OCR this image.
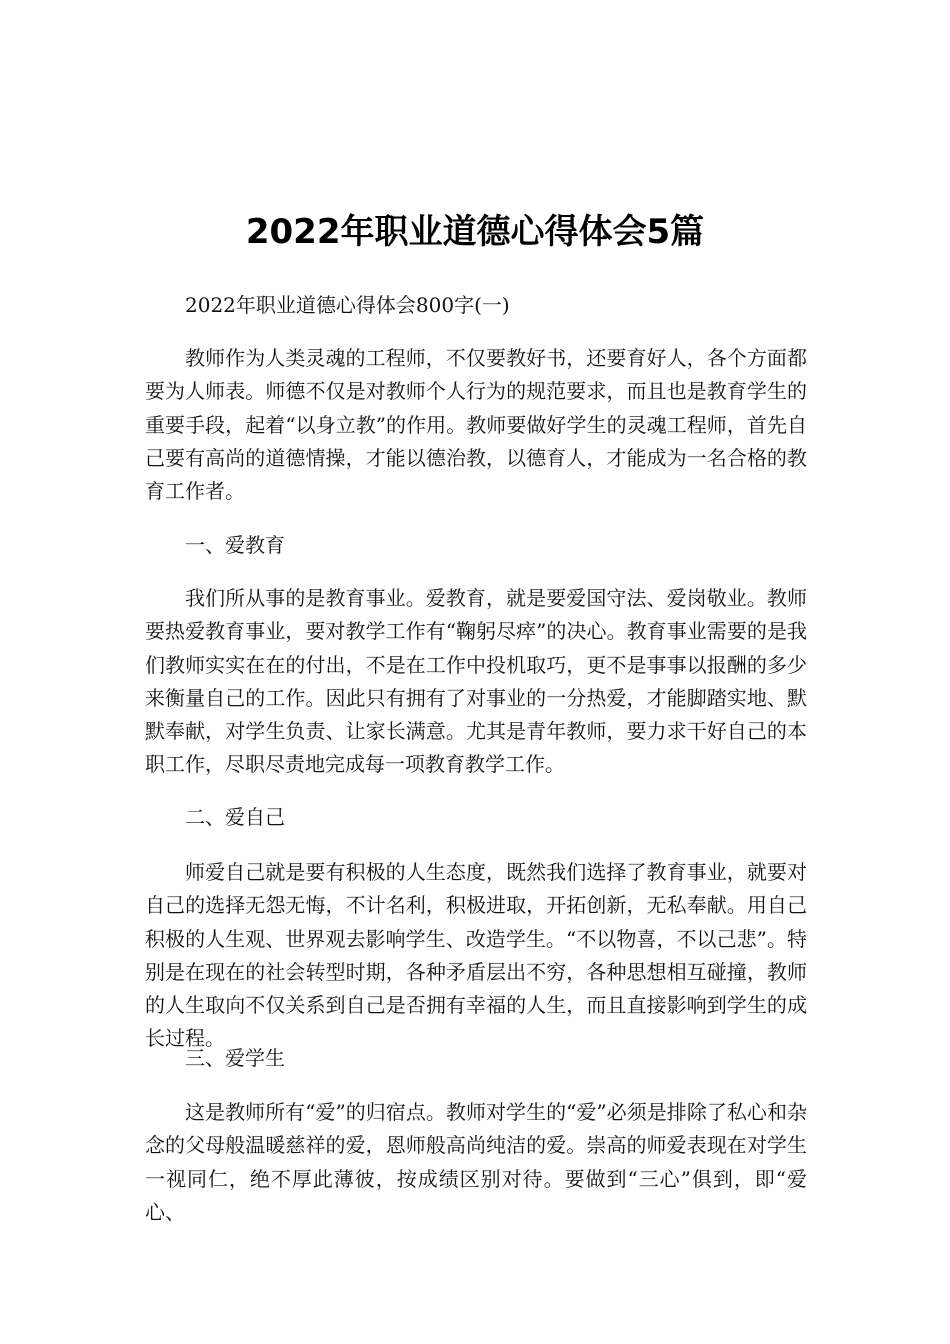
2022年职业道德心得体会5篇

2022年职业道德心得体会800字(一)

教师作为人类灵魂的工程师，不仅要教好书，还要育好人，各个方面都要为人师表。师德不仅是对教师个人行为的规范要求，而且也是教育学生的重要手段，起着“以身立教”的作用。教师要做好学生的灵魂工程师，首先自己要有高尚的道德情操，才能以德治教，以德育人，才能成为一名合格的教育工作者。

一、爱教育

我们所从事的是教育事业。爱教育，就是要爱国守法、爱岗敬业。教师要热爱教育事业，要对教学工作有“鞠躬尽瘁”的决心。教育事业需要的是我们教师实实在在的付出，不是在工作中投机取巧，更不是事事以报酬的多少来衡量自己的工作。因此只有拥有了对事业的一分热爱，才能脚踏实地、默默奉献，对学生负责、让家长满意。尤其是青年教师，要力求干好自己的本职工作，尽职尽责地完成每一项教育教学工作。

二、爱自己

师爱自己就是要有积极的人生态度，既然我们选择了教育事业，就要对自己的选择无怨无悔，不计名利，积极进取，开拓创新，无私奉献。用自己积极的人生观、世界观去影响学生、改造学生。“不以物喜，不以己悲”。特别是在现在的社会转型时期，各种矛盾层出不穷，各种思想相互碰撞，教师的人生取向不仅关系到自己是否拥有幸福的人生，而且直接影响到学生的成长过程。

三、爱学生

这是教师所有“爱”的归宿点。教师对学生的“爱”必须是排除了私心和杂念的父母般温暖慈祥的爱，恩师般高尚纯洁的爱。崇高的师爱表现在对学生一视同仁，绝不厚此薄彼，按成绩区别对待。要做到“三心”俱到，即“爱心、
